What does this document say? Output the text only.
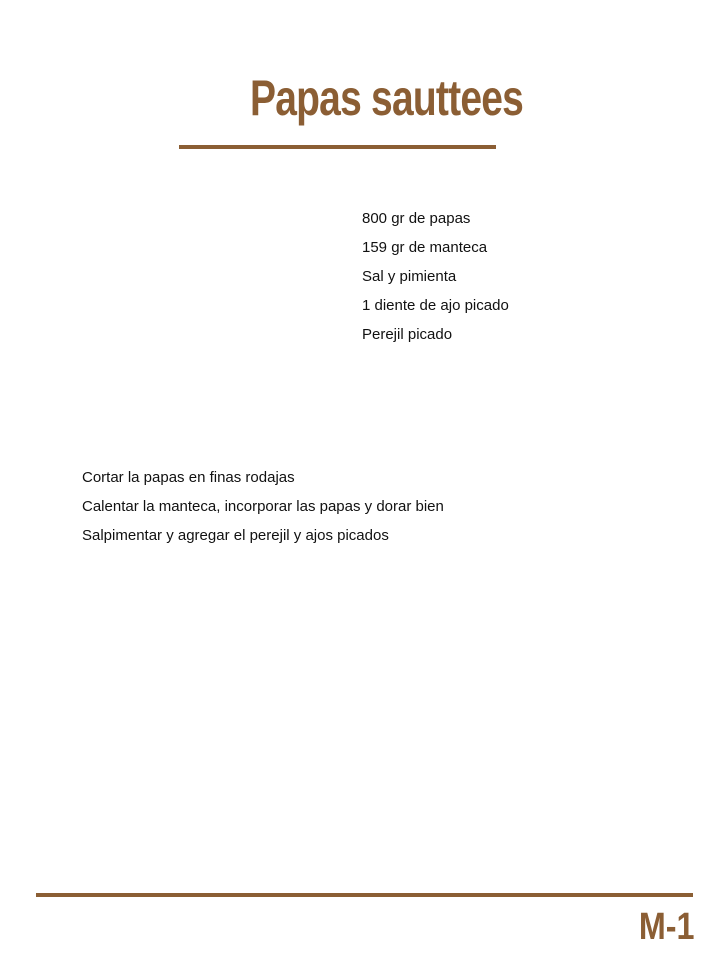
Papas sauttees
800 gr de papas
159 gr de manteca
Sal y pimienta
1 diente de ajo picado
Perejil picado
Cortar la papas en finas rodajas
Calentar la manteca, incorporar las papas y dorar bien
Salpimentar y agregar el perejil y ajos picados
M-1
